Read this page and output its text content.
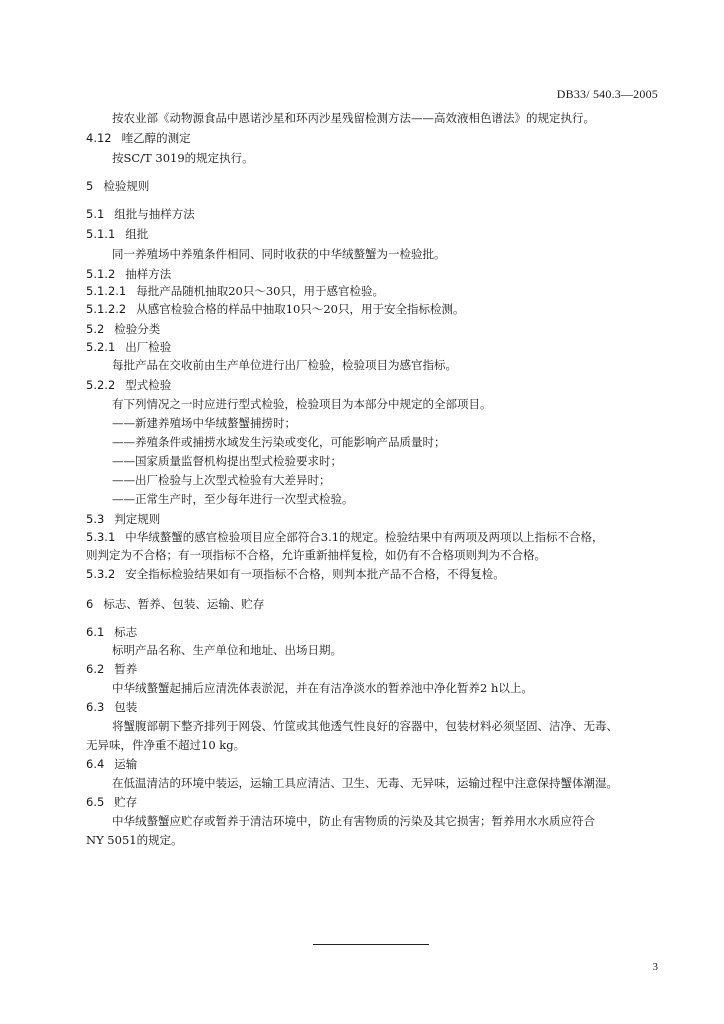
DB33/ 540.3—2005
按农业部《动物源食品中恩诺沙星和环丙沙星残留检测方法——高效液相色谱法》的规定执行。
4.12 喹乙醇的测定
按SC/T 3019的规定执行。
5 检验规则
5.1 组批与抽样方法
5.1.1 组批
同一养殖场中养殖条件相同、同时收获的中华绒螯蟹为一检验批。
5.1.2 抽样方法
5.1.2.1 每批产品随机抽取20只～30只，用于感官检验。
5.1.2.2 从感官检验合格的样品中抽取10只～20只，用于安全指标检测。
5.2 检验分类
5.2.1 出厂检验
每批产品在交收前由生产单位进行出厂检验，检验项目为感官指标。
5.2.2 型式检验
有下列情况之一时应进行型式检验，检验项目为本部分中规定的全部项目。
——新建养殖场中华绒螯蟹捕捞时；
——养殖条件或捕捞水域发生污染或变化，可能影响产品质量时；
——国家质量监督机构提出型式检验要求时；
——出厂检验与上次型式检验有大差异时；
——正常生产时，至少每年进行一次型式检验。
5.3 判定规则
5.3.1 中华绒螯蟹的感官检验项目应全部符合3.1的规定。检验结果中有两项及两项以上指标不合格，
则判定为不合格；有一项指标不合格，允许重新抽样复检，如仍有不合格项则判为不合格。
5.3.2 安全指标检验结果如有一项指标不合格，则判本批产品不合格，不得复检。
6 标志、暂养、包装、运输、贮存
6.1 标志
标明产品名称、生产单位和地址、出场日期。
6.2 暂养
中华绒螯蟹起捕后应清洗体表淤泥，并在有洁净淡水的暂养池中净化暂养2 h以上。
6.3 包装
将蟹腹部朝下整齐排列于网袋、竹筐或其他透气性良好的容器中，包装材料必须坚固、洁净、无毒、
无异味，件净重不超过10 kg。
6.4 运输
在低温清洁的环境中装运，运输工具应清洁、卫生、无毒、无异味，运输过程中注意保持蟹体潮湿。
6.5 贮存
中华绒螯蟹应贮存或暂养于清洁环境中，防止有害物质的污染及其它损害；暂养用水水质应符合
NY 5051的规定。
3
